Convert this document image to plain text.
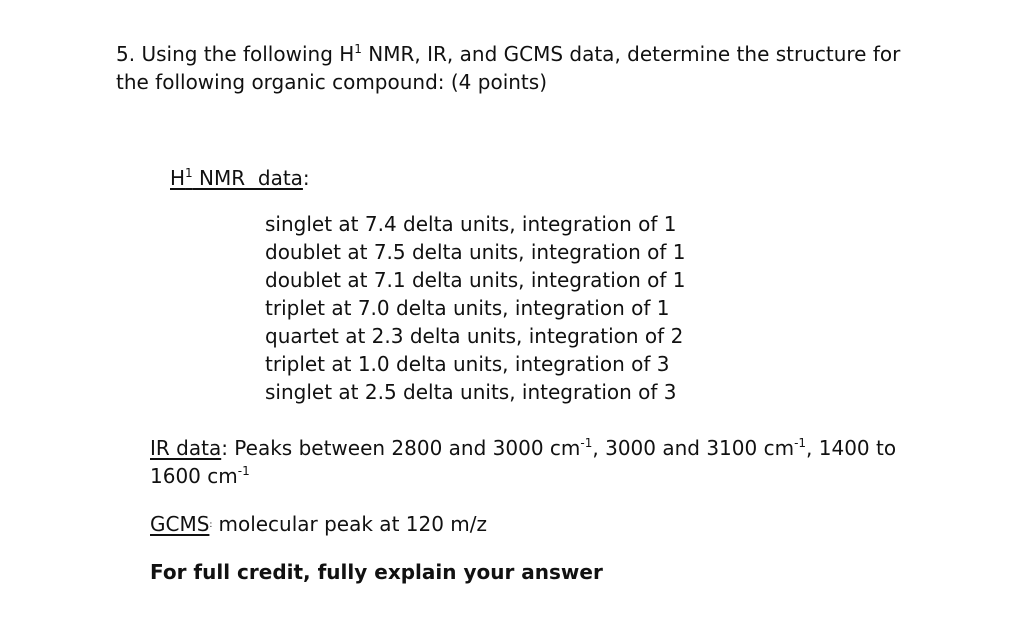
5. Using the following $H^1$ NMR, IR, and GCMS data, determine the structure for the following organic compound: (4 points)

$H^1$ NMR  data:
singlet at 7.4 delta units, integration of 1
doublet at 7.5 delta units, integration of 1
doublet at 7.1 delta units, integration of 1
triplet at 7.0 delta units, integration of 1
quartet at 2.3 delta units, integration of 2
triplet at 1.0 delta units, integration of 3
singlet at 2.5 delta units, integration of 3

IR data: Peaks between 2800 and 3000 $cm^{-1}$, 3000 and 3100 $cm^{-1}$, 1400 to 1600 $cm^{-1}$

GCMS: molecular peak at 120 m/z

For full credit, fully explain your answer
